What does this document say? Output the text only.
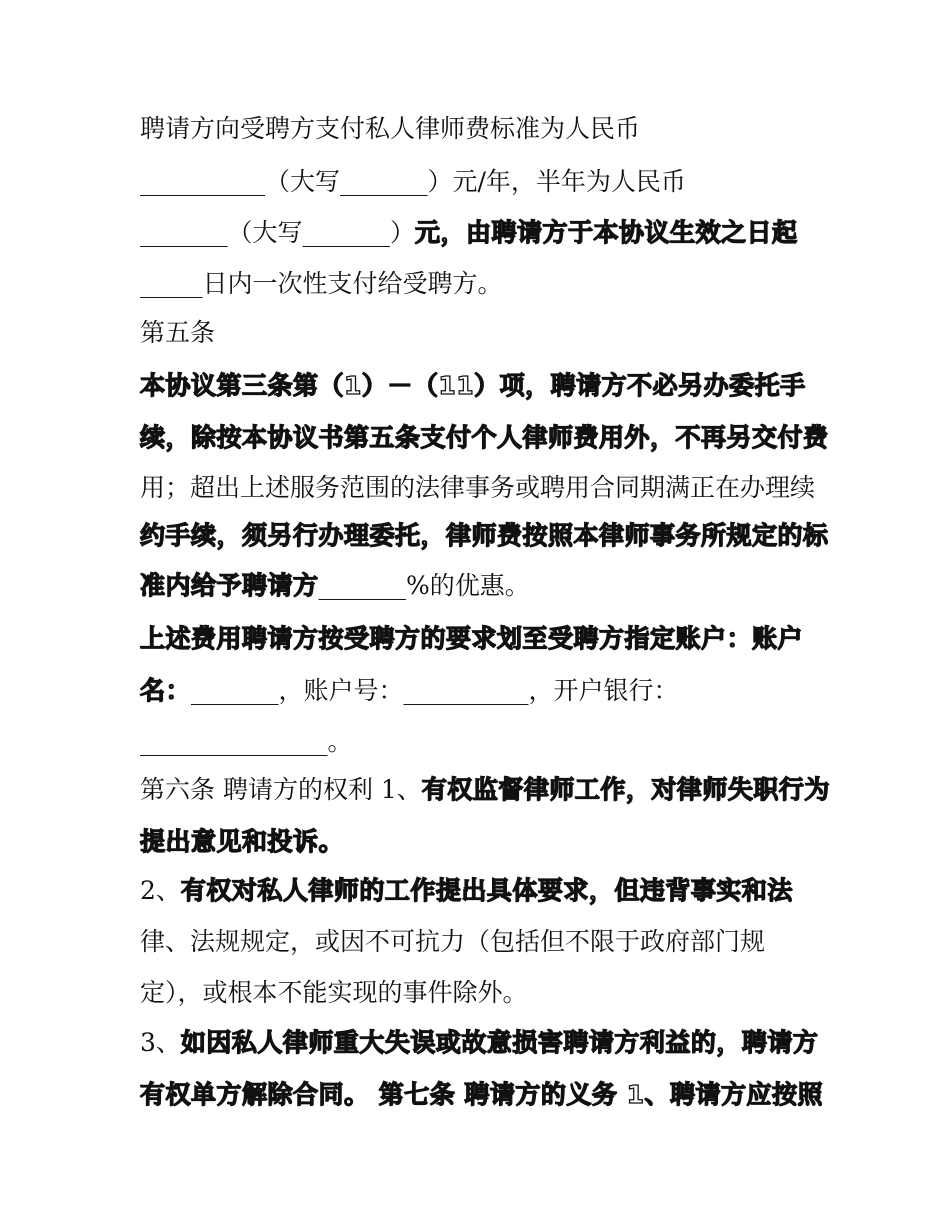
聘请方向受聘方支付私人律师费标准为人民币
__________（大写_______）元/年，半年为人民币
_______（大写_______）元，由聘请方于本协议生效之日起
_____日内一次性支付给受聘方。
第五条
本协议第三条第（1）－（11）项，聘请方不必另办委托手
续，除按本协议书第五条支付个人律师费用外，不再另交付费
用；超出上述服务范围的法律事务或聘用合同期满正在办理续
约手续，须另行办理委托，律师费按照本律师事务所规定的标
准内给予聘请方_______%的优惠。
上述费用聘请方按受聘方的要求划至受聘方指定账户：账户
名：_______，账户号：__________，开户银行：
_______________。
第六条 聘请方的权利 1、有权监督律师工作，对律师失职行为
提出意见和投诉。
2、有权对私人律师的工作提出具体要求，但违背事实和法
律、法规规定，或因不可抗力（包括但不限于政府部门规
定），或根本不能实现的事件除外。
3、如因私人律师重大失误或故意损害聘请方利益的，聘请方
有权单方解除合同。 第七条 聘请方的义务 1、聘请方应按照
